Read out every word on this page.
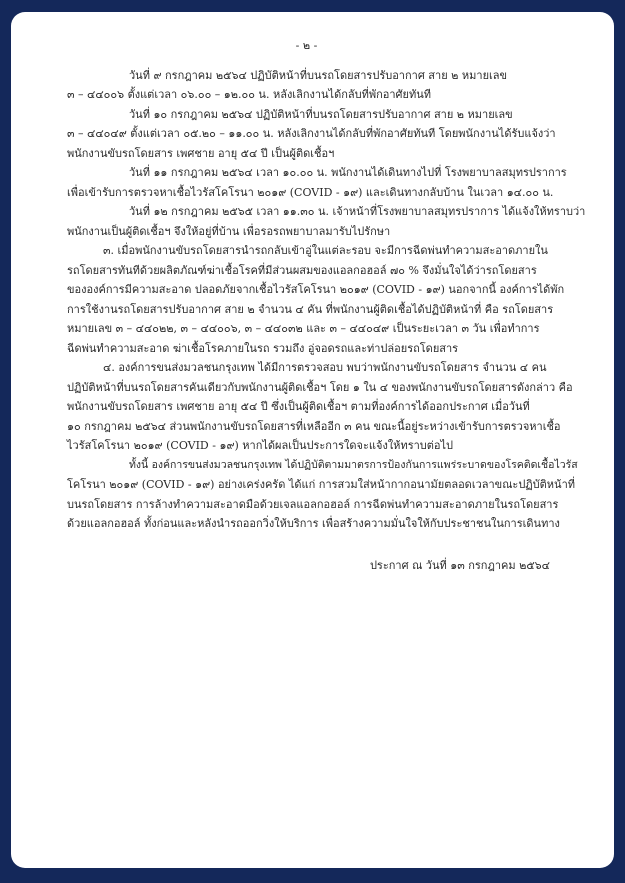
- ๒ -
วันที่ ๙ กรกฎาคม ๒๕๖๔ ปฏิบัติหน้าที่บนรถโดยสารปรับอากาศ สาย ๒ หมายเลข
๓ – ๔๔๐๐๖ ตั้งแต่เวลา ๐๖.๐๐ – ๑๒.๐๐ น. หลังเลิกงานได้กลับที่พักอาศัยทันที
วันที่ ๑๐ กรกฎาคม ๒๕๖๔ ปฏิบัติหน้าที่บนรถโดยสารปรับอากาศ สาย ๒ หมายเลข
๓ – ๔๔๐๔๙ ตั้งแต่เวลา ๐๕.๒๐ – ๑๑.๐๐ น. หลังเลิกงานได้กลับที่พักอาศัยทันที โดยพนักงานได้รับแจ้งว่า
พนักงานขับรถโดยสาร เพศชาย อายุ ๕๔ ปี เป็นผู้ติดเชื้อฯ
วันที่ ๑๑ กรกฎาคม ๒๕๖๔ เวลา ๑๐.๐๐ น. พนักงานได้เดินทางไปที่ โรงพยาบาลสมุทรปราการ
เพื่อเข้ารับการตรวจหาเชื้อไวรัสโคโรนา ๒๐๑๙ (COVID - ๑๙) และเดินทางกลับบ้าน ในเวลา ๑๔.๐๐ น.
วันที่ ๑๒ กรกฎาคม ๒๕๖๕ เวลา ๑๑.๓๐ น. เจ้าหน้าที่โรงพยาบาลสมุทรปราการ ได้แจ้งให้ทราบว่า
พนักงานเป็นผู้ติดเชื้อฯ จึงให้อยู่ที่บ้าน เพื่อรอรถพยาบาลมารับไปรักษา
๓. เมื่อพนักงานขับรถโดยสารนำรถกลับเข้าอู่ในแต่ละรอบ จะมีการฉีดพ่นทำความสะอาดภายใน
รถโดยสารทันทีด้วยผลิตภัณฑ์ฆ่าเชื้อโรคที่มีส่วนผสมของแอลกอฮอล์ ๗๐ % จึงมั่นใจได้ว่ารถโดยสาร
ขององค์การมีความสะอาด ปลอดภัยจากเชื้อไวรัสโคโรนา ๒๐๑๙ (COVID - ๑๙) นอกจากนี้ องค์การได้พัก
การใช้งานรถโดยสารปรับอากาศ สาย ๒ จำนวน ๔ คัน ที่พนักงานผู้ติดเชื้อได้ปฏิบัติหน้าที่ คือ รถโดยสาร
หมายเลข ๓ – ๔๔๐๒๒, ๓ – ๔๔๐๐๖, ๓ – ๔๔๐๓๒ และ ๓ – ๔๔๐๔๙ เป็นระยะเวลา ๓ วัน เพื่อทำการ
ฉีดพ่นทำความสะอาด ฆ่าเชื้อโรคภายในรถ รวมถึง อู่จอดรถและท่าปล่อยรถโดยสาร
๔. องค์การขนส่งมวลชนกรุงเทพ ได้มีการตรวจสอบ พบว่าพนักงานขับรถโดยสาร จำนวน ๔ คน
ปฏิบัติหน้าที่บนรถโดยสารคันเดียวกับพนักงานผู้ติดเชื้อฯ โดย ๑ ใน ๔ ของพนักงานขับรถโดยสารดังกล่าว คือ
พนักงานขับรถโดยสาร เพศชาย อายุ ๕๔ ปี ซึ่งเป็นผู้ติดเชื้อฯ ตามที่องค์การได้ออกประกาศ เมื่อวันที่
๑๐ กรกฎาคม ๒๕๖๔ ส่วนพนักงานขับรถโดยสารที่เหลืออีก ๓ คน ขณะนี้อยู่ระหว่างเข้ารับการตรวจหาเชื้อ
ไวรัสโคโรนา ๒๐๑๙ (COVID - ๑๙) หากได้ผลเป็นประการใดจะแจ้งให้ทราบต่อไป
ทั้งนี้ องค์การขนส่งมวลชนกรุงเทพ ได้ปฏิบัติตามมาตรการป้องกันการแพร่ระบาดของโรคติดเชื้อไวรัส
โคโรนา ๒๐๑๙ (COVID - ๑๙) อย่างเคร่งครัด ได้แก่ การสวมใส่หน้ากากอนามัยตลอดเวลาขณะปฏิบัติหน้าที่
บนรถโดยสาร การล้างทำความสะอาดมือด้วยเจลแอลกอฮอล์ การฉีดพ่นทำความสะอาดภายในรถโดยสาร
ด้วยแอลกอฮอล์ ทั้งก่อนและหลังนำรถออกวิ่งให้บริการ เพื่อสร้างความมั่นใจให้กับประชาชนในการเดินทาง
ประกาศ ณ วันที่ ๑๓ กรกฎาคม ๒๕๖๔
